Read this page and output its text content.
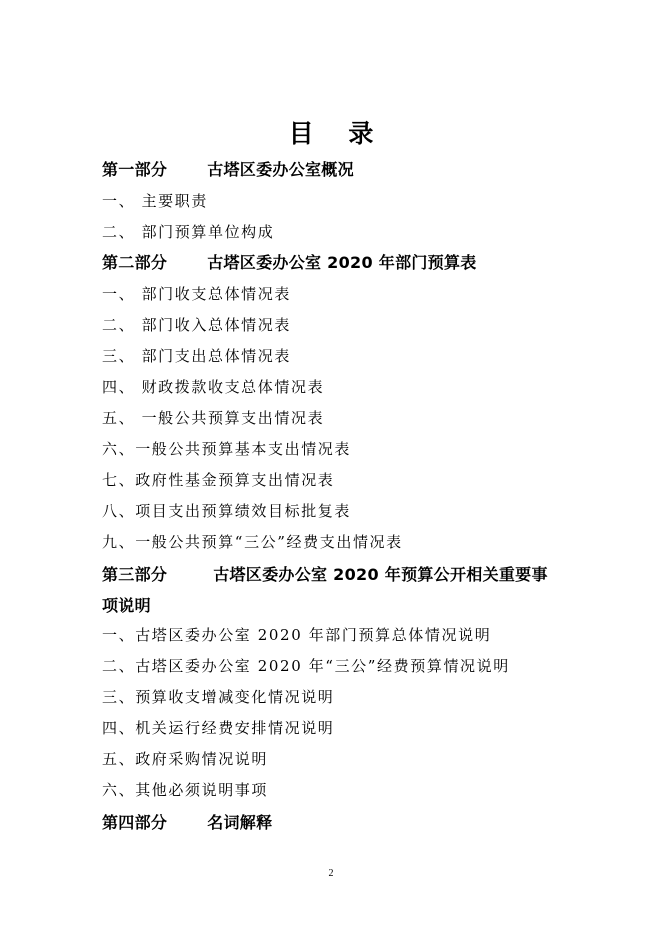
目    录
第一部分	古塔区委办公室概况
一、 主要职责
二、 部门预算单位构成
第二部分	古塔区委办公室 2020 年部门预算表
一、 部门收支总体情况表
二、 部门收入总体情况表
三、 部门支出总体情况表
四、 财政拨款收支总体情况表
五、 一般公共预算支出情况表
六、一般公共预算基本支出情况表
七、政府性基金预算支出情况表
八、项目支出预算绩效目标批复表
九、一般公共预算“三公”经费支出情况表
第三部分	古塔区委办公室 2020 年预算公开相关重要事
项说明
一、古塔区委办公室 2020 年部门预算总体情况说明
二、古塔区委办公室 2020 年“三公”经费预算情况说明
三、预算收支增减变化情况说明
四、机关运行经费安排情况说明
五、政府采购情况说明
六、其他必须说明事项
第四部分	名词解释
2
